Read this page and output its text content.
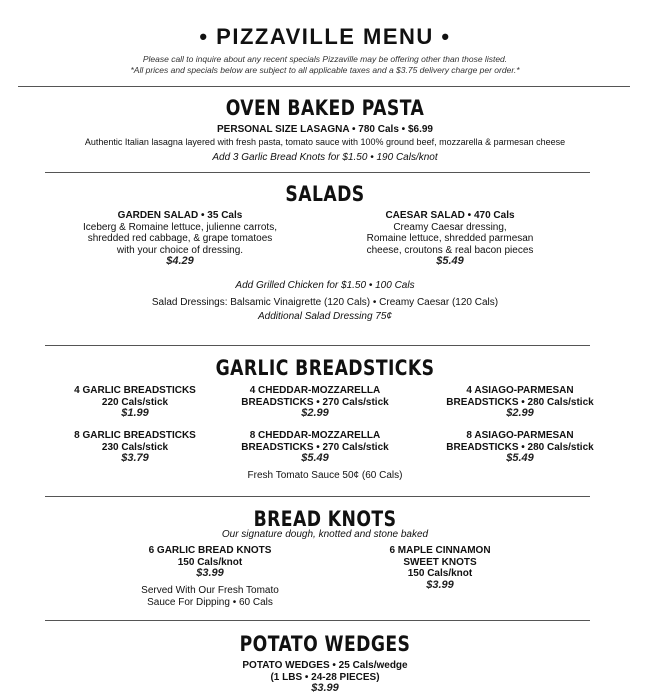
• PIZZAVILLE MENU •
Please call to inquire about any recent specials Pizzaville may be offering other than those listed.
*All prices and specials below are subject to all applicable taxes and a $3.75 delivery charge per order.*
OVEN BAKED PASTA
PERSONAL SIZE LASAGNA • 780 Cals • $6.99
Authentic Italian lasagna layered with fresh pasta, tomato sauce with 100% ground beef, mozzarella & parmesan cheese
Add 3 Garlic Bread Knots for $1.50 • 190 Cals/knot
SALADS
GARDEN SALAD • 35 Cals
Iceberg & Romaine lettuce, julienne carrots,
shredded red cabbage, & grape tomatoes
with your choice of dressing.
$4.29
CAESAR SALAD • 470 Cals
Creamy Caesar dressing,
Romaine lettuce, shredded parmesan
cheese, croutons & real bacon pieces
$5.49
Add Grilled Chicken for $1.50 • 100 Cals
Salad Dressings: Balsamic Vinaigrette (120 Cals) • Creamy Caesar (120 Cals)
Additional Salad Dressing 75¢
GARLIC BREADSTICKS
4 GARLIC BREADSTICKS
220 Cals/stick
$1.99
4 CHEDDAR-MOZZARELLA
BREADSTICKS • 270 Cals/stick
$2.99
4 ASIAGO-PARMESAN
BREADSTICKS • 280 Cals/stick
$2.99
8 GARLIC BREADSTICKS
230 Cals/stick
$3.79
8 CHEDDAR-MOZZARELLA
BREADSTICKS • 270 Cals/stick
$5.49
8 ASIAGO-PARMESAN
BREADSTICKS • 280 Cals/stick
$5.49
Fresh Tomato Sauce 50¢ (60 Cals)
BREAD KNOTS
Our signature dough, knotted and stone baked
6 GARLIC BREAD KNOTS
150 Cals/knot
$3.99
6 MAPLE CINNAMON
SWEET KNOTS
150 Cals/knot
$3.99
Served With Our Fresh Tomato
Sauce For Dipping • 60 Cals
POTATO WEDGES
POTATO WEDGES • 25 Cals/wedge
(1 LBS • 24-28 PIECES)
$3.99
